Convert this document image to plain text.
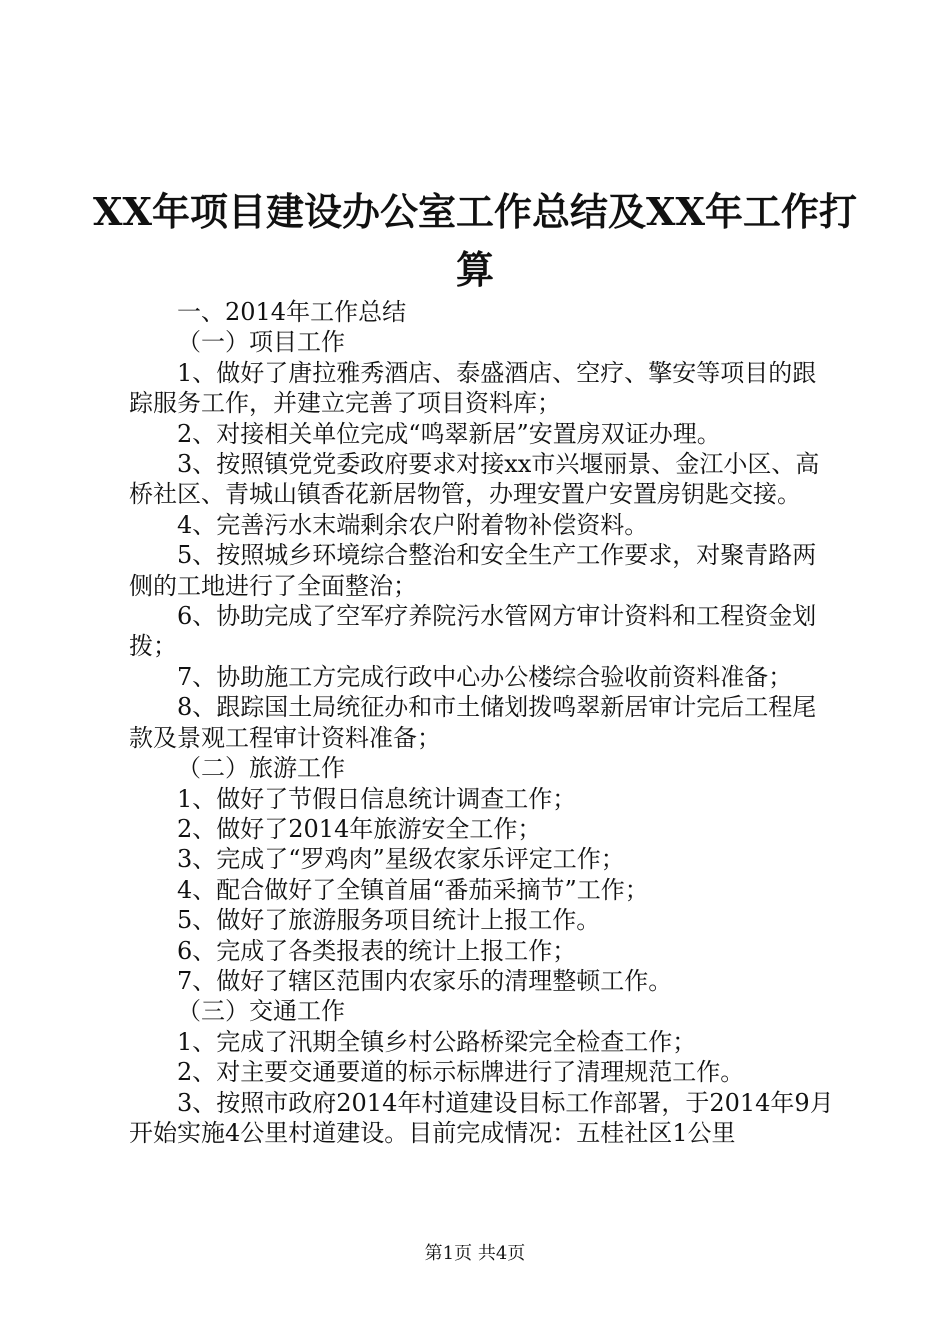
XX年项目建设办公室工作总结及XX年工作打
算

一、2014年工作总结

（一）项目工作

1、做好了唐拉雅秀酒店、泰盛酒店、空疗、擎安等项目的跟踪服务工作，并建立完善了项目资料库；

2、对接相关单位完成“鸣翠新居”安置房双证办理。

3、按照镇党党委政府要求对接xx市兴堰丽景、金江小区、高桥社区、青城山镇香花新居物管，办理安置户安置房钥匙交接。

4、完善污水末端剩余农户附着物补偿资料。

5、按照城乡环境综合整治和安全生产工作要求，对聚青路两侧的工地进行了全面整治；

6、协助完成了空军疗养院污水管网方审计资料和工程资金划拨；

7、协助施工方完成行政中心办公楼综合验收前资料准备；

8、跟踪国土局统征办和市土储划拨鸣翠新居审计完后工程尾款及景观工程审计资料准备；

（二）旅游工作

1、做好了节假日信息统计调查工作；

2、做好了2014年旅游安全工作；

3、完成了“罗鸡肉”星级农家乐评定工作；

4、配合做好了全镇首届“番茄采摘节”工作；

5、做好了旅游服务项目统计上报工作。

6、完成了各类报表的统计上报工作；

7、做好了辖区范围内农家乐的清理整顿工作。

（三）交通工作

1、完成了汛期全镇乡村公路桥梁完全检查工作；

2、对主要交通要道的标示标牌进行了清理规范工作。

3、按照市政府2014年村道建设目标工作部署，于2014年9月开始实施4公里村道建设。目前完成情况：五桂社区1公里

第1页 共4页
